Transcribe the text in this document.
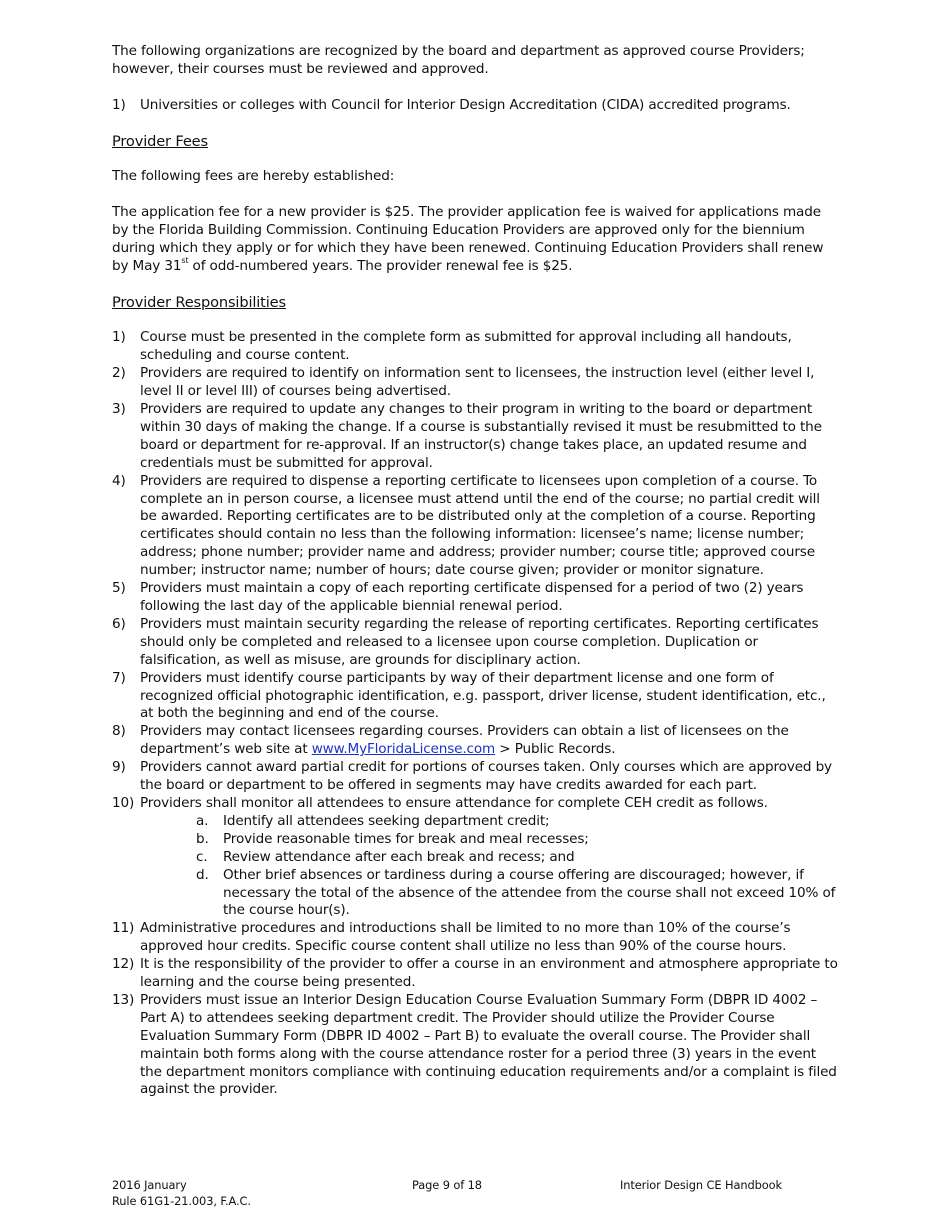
The following organizations are recognized by the board and department as approved course Providers; however, their courses must be reviewed and approved.

1)	Universities or colleges with Council for Interior Design Accreditation (CIDA) accredited programs.

Provider Fees

The following fees are hereby established:

The application fee for a new provider is $25. The provider application fee is waived for applications made by the Florida Building Commission. Continuing Education Providers are approved only for the biennium during which they apply or for which they have been renewed. Continuing Education Providers shall renew by May 31st of odd-numbered years. The provider renewal fee is $25.

Provider Responsibilities

1)	Course must be presented in the complete form as submitted for approval including all handouts, scheduling and course content.
2)	Providers are required to identify on information sent to licensees, the instruction level (either level I, level II or level III) of courses being advertised.
3)	Providers are required to update any changes to their program in writing to the board or department within 30 days of making the change. If a course is substantially revised it must be resubmitted to the board or department for re-approval. If an instructor(s) change takes place, an updated resume and credentials must be submitted for approval.
4)	Providers are required to dispense a reporting certificate to licensees upon completion of a course. To complete an in person course, a licensee must attend until the end of the course; no partial credit will be awarded. Reporting certificates are to be distributed only at the completion of a course. Reporting certificates should contain no less than the following information: licensee’s name; license number; address; phone number; provider name and address; provider number; course title; approved course number; instructor name; number of hours; date course given; provider or monitor signature.
5)	Providers must maintain a copy of each reporting certificate dispensed for a period of two (2) years following the last day of the applicable biennial renewal period.
6)	Providers must maintain security regarding the release of reporting certificates. Reporting certificates should only be completed and released to a licensee upon course completion. Duplication or falsification, as well as misuse, are grounds for disciplinary action.
7)	Providers must identify course participants by way of their department license and one form of recognized official photographic identification, e.g. passport, driver license, student identification, etc., at both the beginning and end of the course.
8)	Providers may contact licensees regarding courses. Providers can obtain a list of licensees on the department’s web site at www.MyFloridaLicense.com > Public Records.
9)	Providers cannot award partial credit for portions of courses taken. Only courses which are approved by the board or department to be offered in segments may have credits awarded for each part.
10) Providers shall monitor all attendees to ensure attendance for complete CEH credit as follows.
a.	Identify all attendees seeking department credit;
b.	Provide reasonable times for break and meal recesses;
c.	Review attendance after each break and recess; and
d.	Other brief absences or tardiness during a course offering are discouraged; however, if necessary the total of the absence of the attendee from the course shall not exceed 10% of the course hour(s).
11) Administrative procedures and introductions shall be limited to no more than 10% of the course’s approved hour credits. Specific course content shall utilize no less than 90% of the course hours.
12) It is the responsibility of the provider to offer a course in an environment and atmosphere appropriate to learning and the course being presented.
13) Providers must issue an Interior Design Education Course Evaluation Summary Form (DBPR ID 4002 – Part A) to attendees seeking department credit. The Provider should utilize the Provider Course Evaluation Summary Form (DBPR ID 4002 – Part B) to evaluate the overall course. The Provider shall maintain both forms along with the course attendance roster for a period three (3) years in the event the department monitors compliance with continuing education requirements and/or a complaint is filed against the provider.
2016 January
Rule 61G1-21.003, F.A.C.
Page 9 of 18	Interior Design CE Handbook
